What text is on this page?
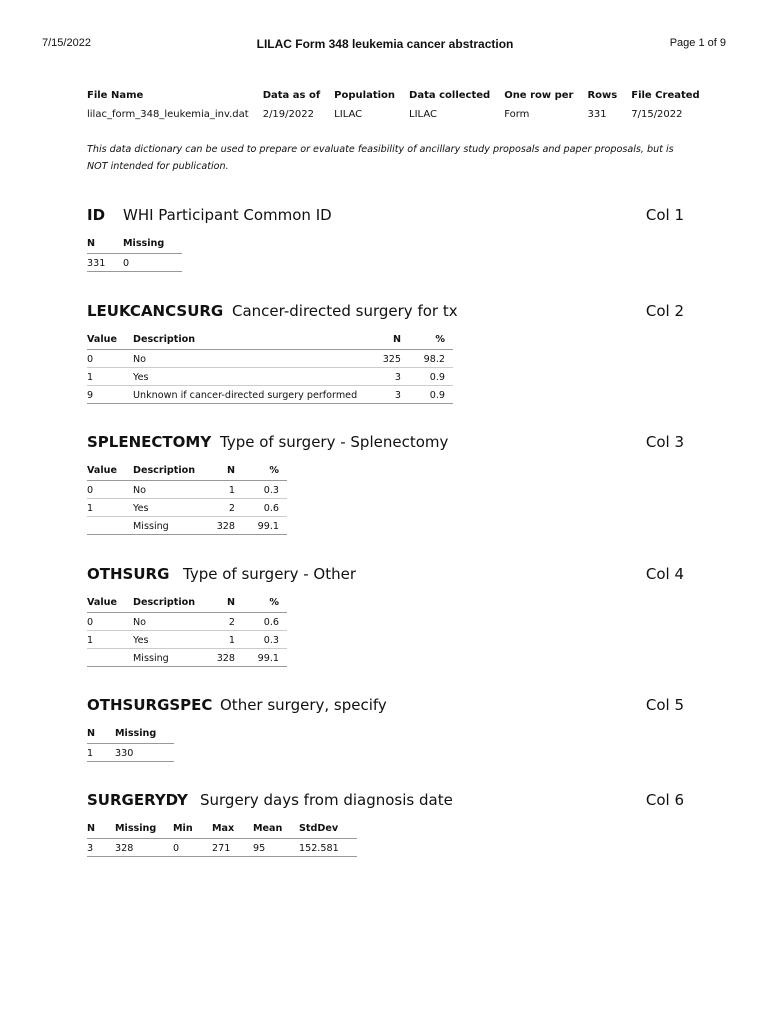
7/15/2022	LILAC Form 348 leukemia cancer abstraction	Page 1 of 9
File Name	Data as of	Population	Data collected	One row per	Rows	File Created
lilac_form_348_leukemia_inv.dat	2/19/2022	LILAC	LILAC	Form	331	7/15/2022
This data dictionary can be used to prepare or evaluate feasibility of ancillary study proposals and paper proposals, but is NOT intended for publication.
ID WHI Participant Common ID	Col 1
N	Missing
331	0
LEUKCANCSURG Cancer-directed surgery for tx	Col 2
Value	Description	N	%
0	No	325	98.2
1	Yes	3	0.9
9	Unknown if cancer-directed surgery performed	3	0.9
SPLENECTOMY Type of surgery - Splenectomy	Col 3
Value	Description	N	%
0	No	1	0.3
1	Yes	2	0.6
	Missing	328	99.1
OTHSURG Type of surgery - Other	Col 4
Value	Description	N	%
0	No	2	0.6
1	Yes	1	0.3
	Missing	328	99.1
OTHSURGSPEC Other surgery, specify	Col 5
N	Missing
1	330
SURGERYDY Surgery days from diagnosis date	Col 6
N	Missing	Min	Max	Mean	StdDev
3	328	0	271	95	152.581
